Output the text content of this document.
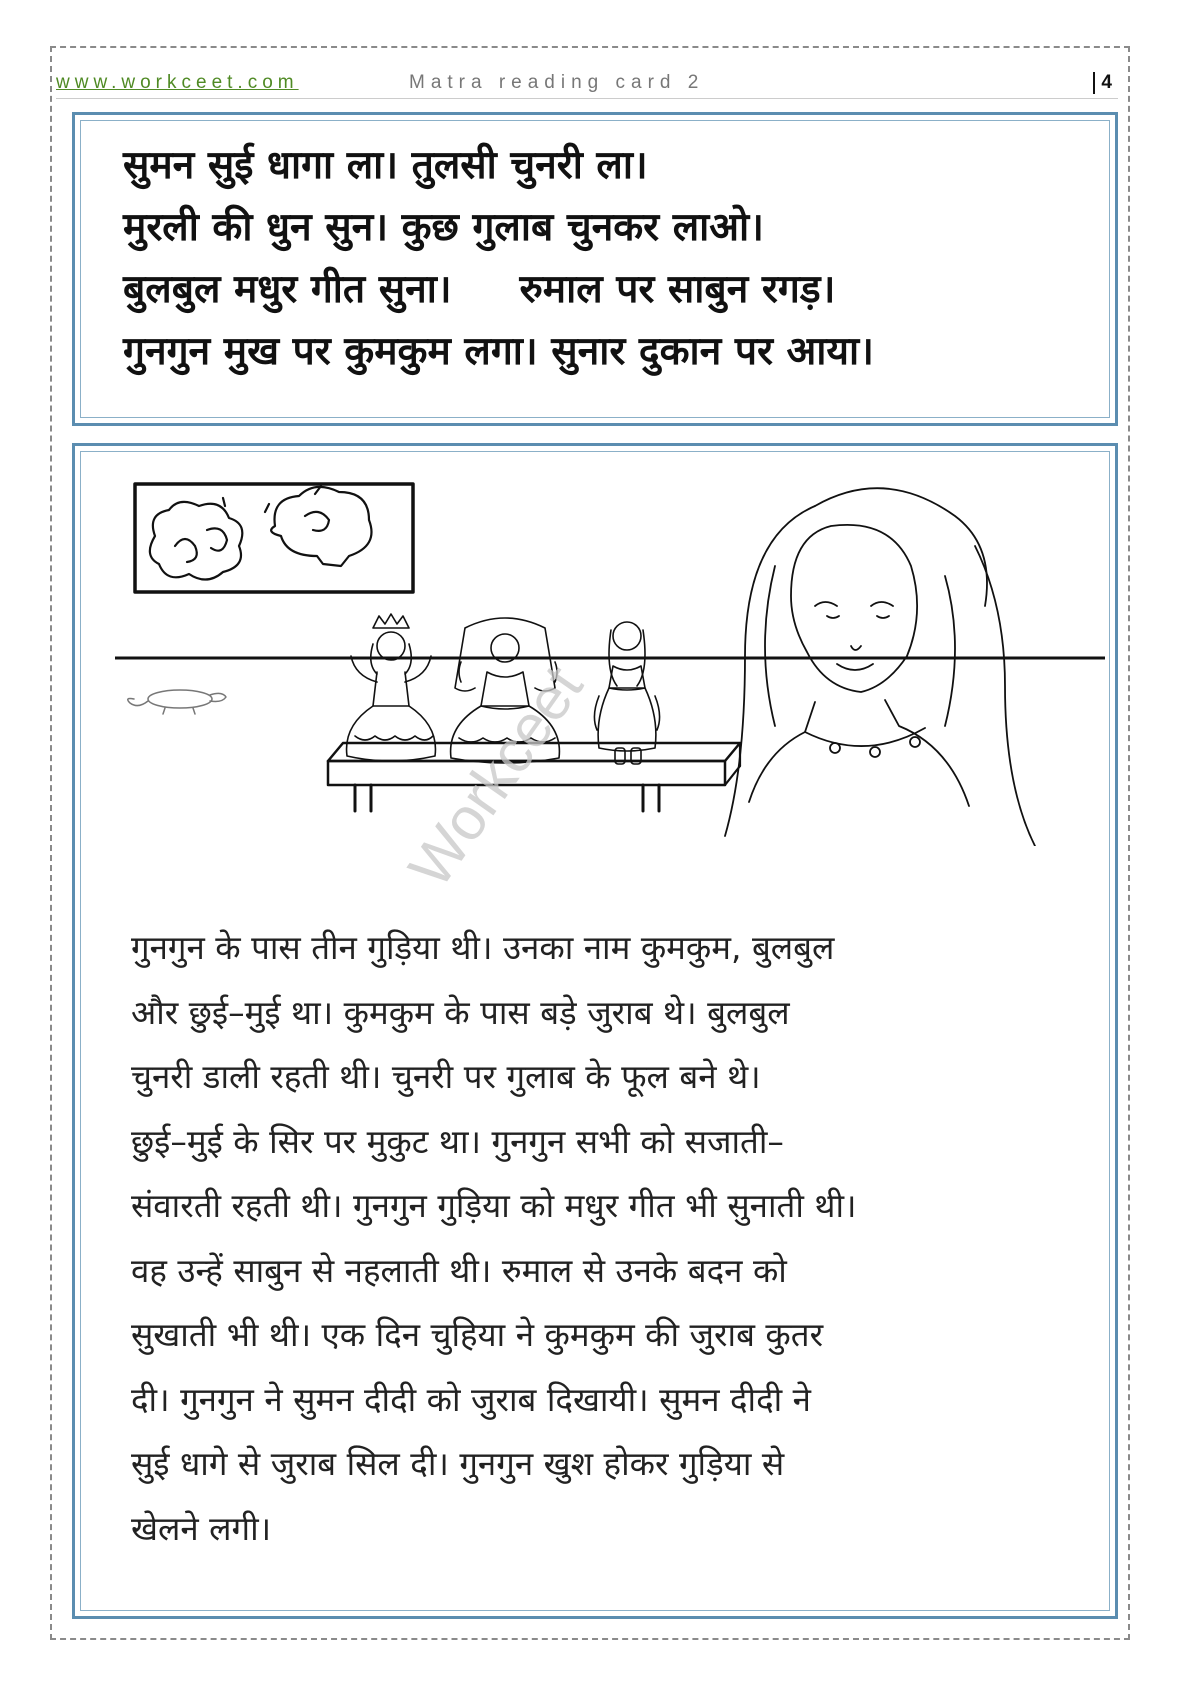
www.workceet.com	Matra reading card 2	4
सुमन सुई धागा ला। तुलसी चुनरी ला।
मुरली की धुन सुन। कुछ गुलाब चुनकर लाओ।
बुलबुल मधुर गीत सुना।     रुमाल पर साबुन रगड़।
गुनगुन मुख पर कुमकुम लगा। सुनार दुकान पर आया।
गुनगुन के पास तीन गुड़िया थी। उनका नाम कुमकुम, बुलबुल
और छुई–मुई था। कुमकुम के पास बड़े जुराब थे। बुलबुल
चुनरी डाली रहती थी। चुनरी पर गुलाब के फूल बने थे।
छुई–मुई के सिर पर मुकुट था। गुनगुन सभी को सजाती–
संवारती रहती थी। गुनगुन गुड़िया को मधुर गीत भी सुनाती थी।
वह उन्हें साबुन से नहलाती थी। रुमाल से उनके बदन को
सुखाती भी थी। एक दिन चुहिया ने कुमकुम की जुराब कुतर
दी। गुनगुन ने सुमन दीदी को जुराब दिखायी। सुमन दीदी ने
सुई धागे से जुराब सिल दी। गुनगुन खुश होकर गुड़िया से
खेलने लगी।
Workceet
